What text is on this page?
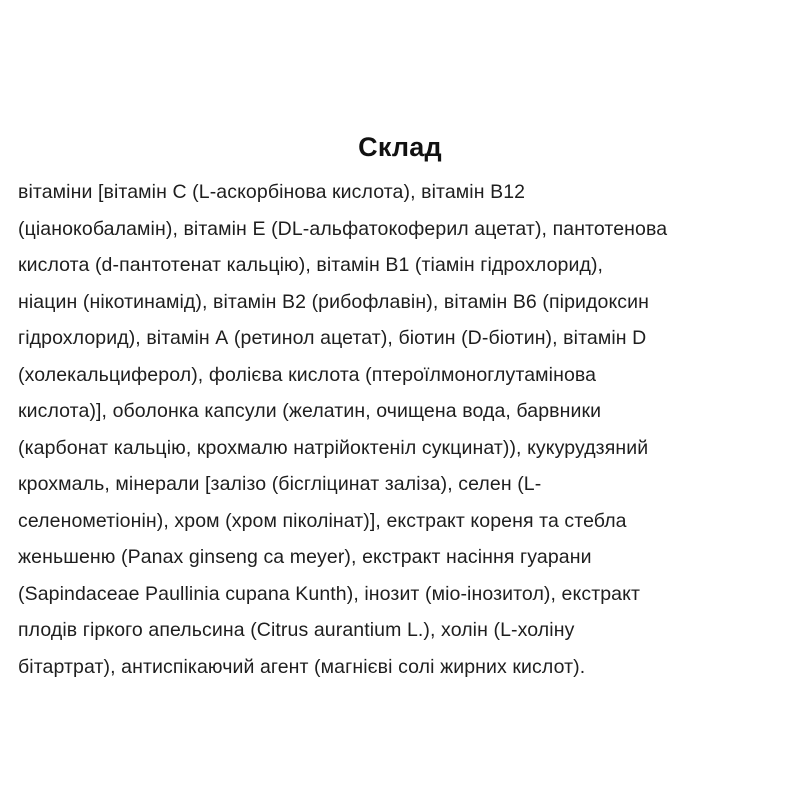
Склад
вітаміни [вітамін С (L-аскорбінова кислота), вітамін В12
(ціанокобаламін), вітамін Е (DL-альфатокоферил ацетат), пантотенова
кислота (d-пантотенат кальцію), вітамін В1 (тіамін гідрохлорид),
ніацин (нікотинамід), вітамін В2 (рибофлавін), вітамін В6 (піридоксин
гідрохлорид), вітамін А (ретинол ацетат), біотин (D-біотин), вітамін D
(холекальциферол), фолієва кислота (птероїлмоноглутамінова
кислота)], оболонка капсули (желатин, очищена вода, барвники
(карбонат кальцію, крохмалю натрійоктеніл сукцинат)), кукурудзяний
крохмаль, мінерали [залізо (бісгліцинат заліза), селен (L-
селенометіонін), хром (хром піколінат)], екстракт кореня та стебла
женьшеню (Panax ginseng ca meyer), екстракт насіння гуарани
(Sapindaceae Paullinia cupana Kunth), інозит (міо-інозитол), екстракт
плодів гіркого апельсина (Citrus aurantium L.), холін (L-холіну
бітартрат), антиспікаючий агент (магнієві солі жирних кислот).
